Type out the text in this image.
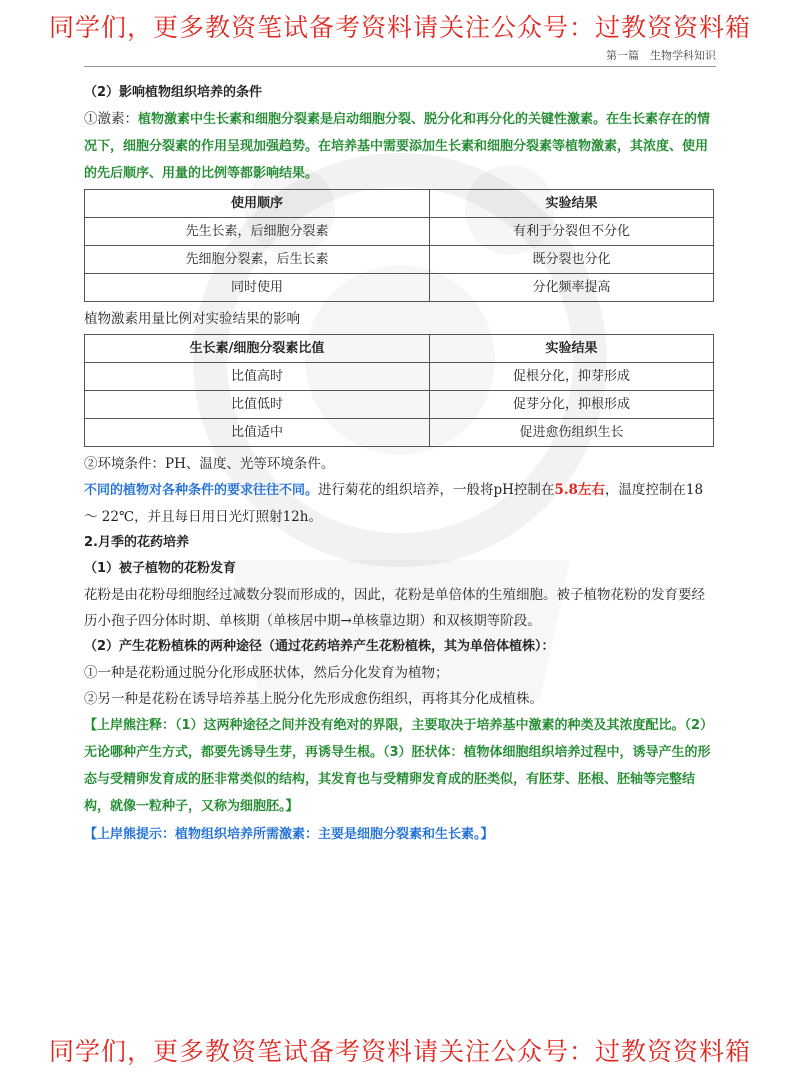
同学们，更多教资笔试备考资料请关注公众号：过教资资料箱
第一篇　生物学科知识

（2）影响植物组织培养的条件

①激素：植物激素中生长素和细胞分裂素是启动细胞分裂、脱分化和再分化的关键性激素。在生长素存在的情况下，细胞分裂素的作用呈现加强趋势。在培养基中需要添加生长素和细胞分裂素等植物激素，其浓度、使用的先后顺序、用量的比例等都影响结果。

使用顺序	实验结果
先生长素，后细胞分裂素	有利于分裂但不分化
先细胞分裂素，后生长素	既分裂也分化
同时使用	分化频率提高

植物激素用量比例对实验结果的影响

生长素/细胞分裂素比值	实验结果
比值高时	促根分化，抑芽形成
比值低时	促芽分化，抑根形成
比值适中	促进愈伤组织生长

②环境条件：PH、温度、光等环境条件。

不同的植物对各种条件的要求往往不同。进行菊花的组织培养，一般将pH控制在5.8左右，温度控制在18 ～ 22℃，并且每日用日光灯照射12h。

2.月季的花药培养

（1）被子植物的花粉发育

花粉是由花粉母细胞经过减数分裂而形成的，因此，花粉是单倍体的生殖细胞。被子植物花粉的发育要经历小孢子四分体时期、单核期（单核居中期→单核靠边期）和双核期等阶段。

（2）产生花粉植株的两种途径（通过花药培养产生花粉植株，其为单倍体植株）：

①一种是花粉通过脱分化形成胚状体，然后分化发育为植物；

②另一种是花粉在诱导培养基上脱分化先形成愈伤组织，再将其分化成植株。

【上岸熊注释：（1）这两种途径之间并没有绝对的界限，主要取决于培养基中激素的种类及其浓度配比。（2）无论哪种产生方式，都要先诱导生芽，再诱导生根。（3）胚状体：植物体细胞组织培养过程中，诱导产生的形态与受精卵发育成的胚非常类似的结构，其发育也与受精卵发育成的胚类似，有胚芽、胚根、胚轴等完整结构，就像一粒种子，又称为细胞胚。】

【上岸熊提示：植物组织培养所需激素：主要是细胞分裂素和生长素。】

同学们，更多教资笔试备考资料请关注公众号：过教资资料箱
